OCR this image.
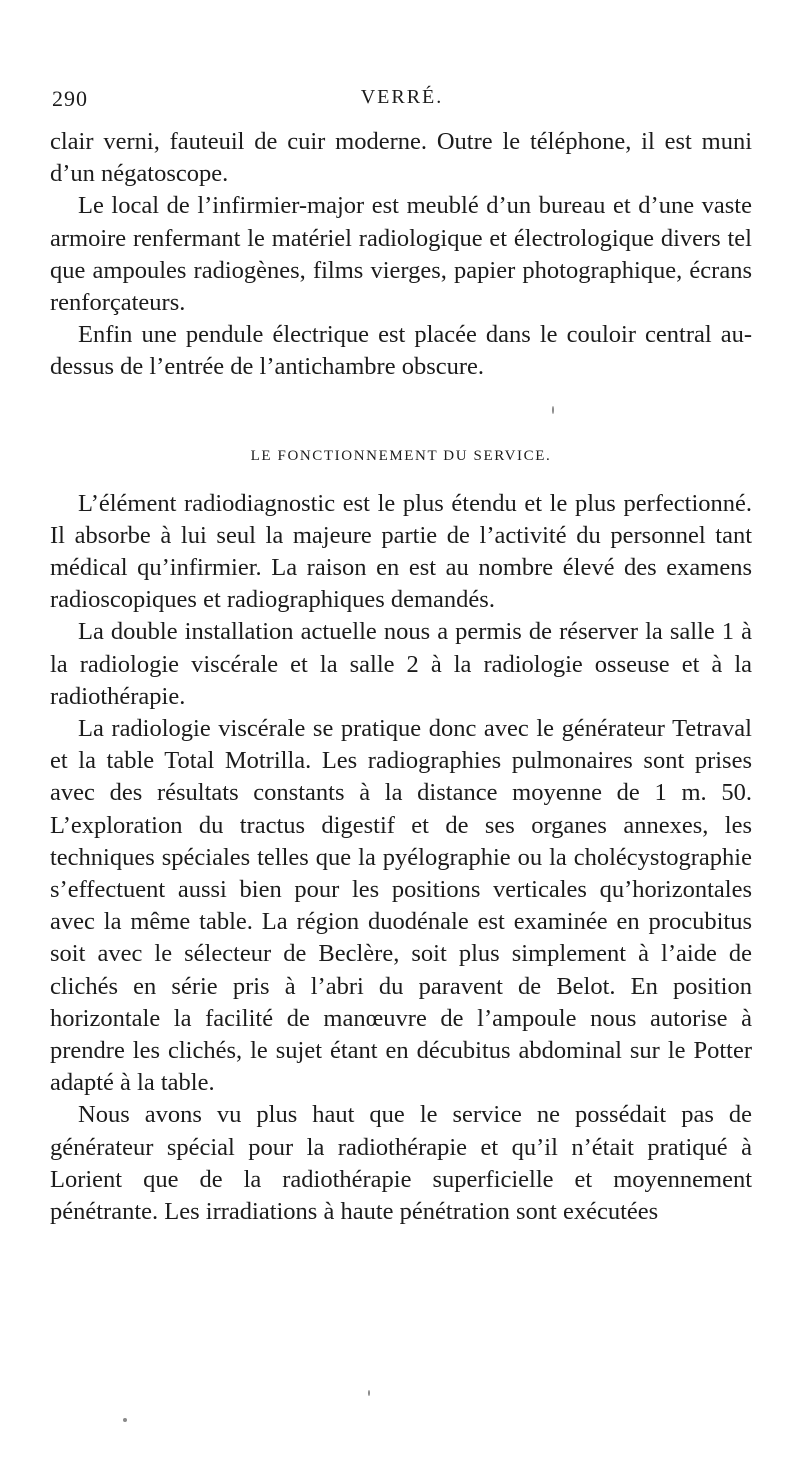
290	VERRÉ.

clair verni, fauteuil de cuir moderne. Outre le téléphone, il est muni d’un négatoscope.

Le local de l’infirmier-major est meublé d’un bureau et d’une vaste armoire renfermant le matériel radiologique et électrologique divers tel que ampoules radiogènes, films vierges, papier photographique, écrans renforçateurs.

Enfin une pendule électrique est placée dans le couloir central au-dessus de l’entrée de l’antichambre obscure.

LE FONCTIONNEMENT DU SERVICE.

L’élément radiodiagnostic est le plus étendu et le plus perfectionné. Il absorbe à lui seul la majeure partie de l’activité du personnel tant médical qu’infirmier. La raison en est au nombre élevé des examens radioscopiques et radiographiques demandés.

La double installation actuelle nous a permis de réserver la salle 1 à la radiologie viscérale et la salle 2 à la radiologie osseuse et à la radiothérapie.

La radiologie viscérale se pratique donc avec le générateur Tetraval et la table Total Motrilla. Les radiographies pulmonaires sont prises avec des résultats constants à la distance moyenne de 1 m. 50. L’exploration du tractus digestif et de ses organes annexes, les techniques spéciales telles que la pyélographie ou la cholécystographie s’effectuent aussi bien pour les positions verticales qu’horizontales avec la même table. La région duodénale est examinée en procubitus soit avec le sélecteur de Beclère, soit plus simplement à l’aide de clichés en série pris à l’abri du paravent de Belot. En position horizontale la facilité de manœuvre de l’ampoule nous autorise à prendre les clichés, le sujet étant en décubitus abdominal sur le Potter adapté à la table.

Nous avons vu plus haut que le service ne possédait pas de générateur spécial pour la radiothérapie et qu’il n’était pratiqué à Lorient que de la radiothérapie superficielle et moyennement pénétrante. Les irradiations à haute pénétration sont exécutées
